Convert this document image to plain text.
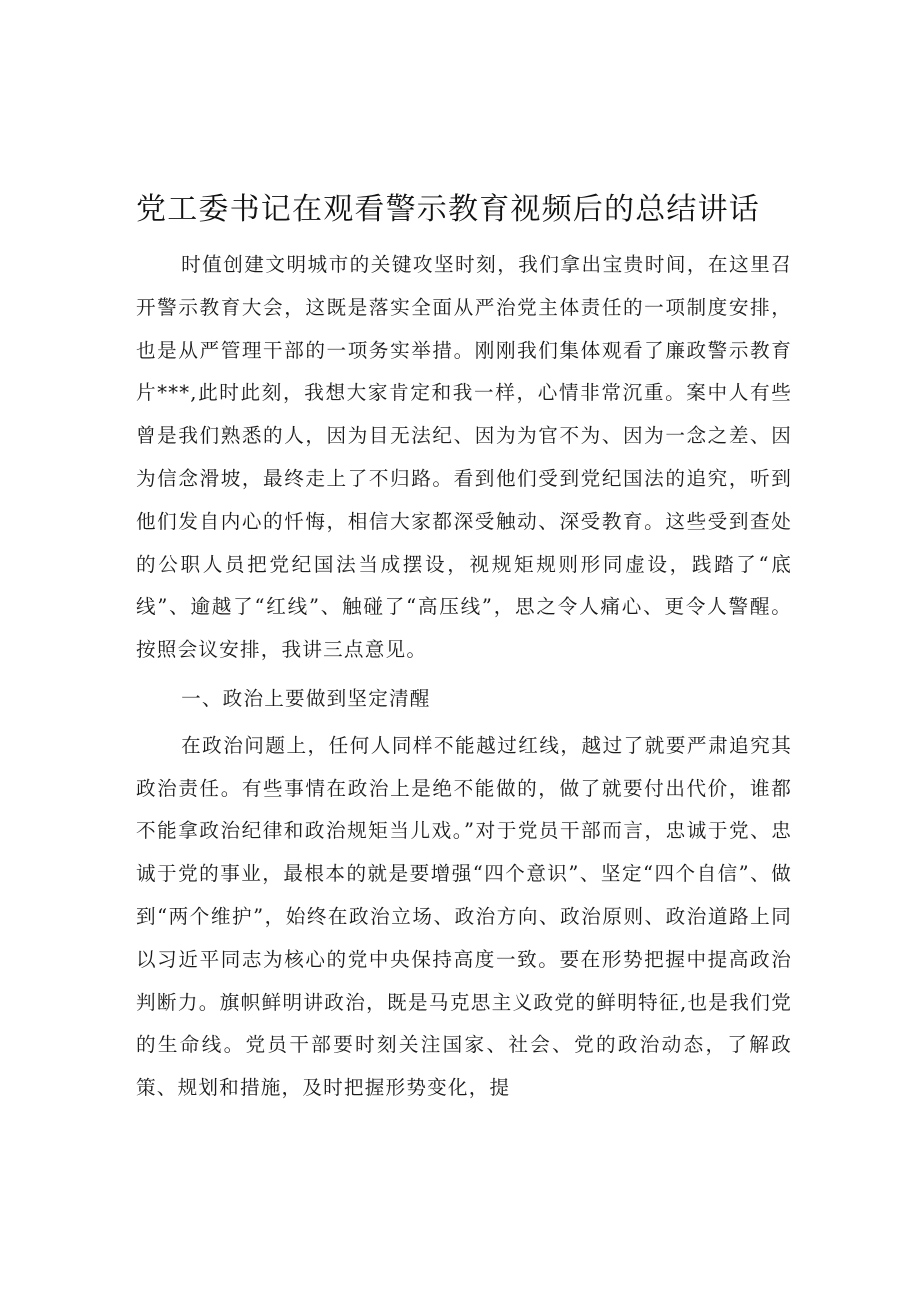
党工委书记在观看警示教育视频后的总结讲话

时值创建文明城市的关键攻坚时刻，我们拿出宝贵时间，在这里召开警示教育大会，这既是落实全面从严治党主体责任的一项制度安排，也是从严管理干部的一项务实举措。刚刚我们集体观看了廉政警示教育片***,此时此刻，我想大家肯定和我一样，心情非常沉重。案中人有些曾是我们熟悉的人，因为目无法纪、因为为官不为、因为一念之差、因为信念滑坡，最终走上了不归路。看到他们受到党纪国法的追究，听到他们发自内心的忏悔，相信大家都深受触动、深受教育。这些受到查处的公职人员把党纪国法当成摆设，视规矩规则形同虚设，践踏了“底线”、逾越了“红线”、触碰了“高压线”，思之令人痛心、更令人警醒。按照会议安排，我讲三点意见。

一、政治上要做到坚定清醒

在政治问题上，任何人同样不能越过红线，越过了就要严肃追究其政治责任。有些事情在政治上是绝不能做的，做了就要付出代价，谁都不能拿政治纪律和政治规矩当儿戏。”对于党员干部而言，忠诚于党、忠诚于党的事业，最根本的就是要增强“四个意识”、坚定“四个自信”、做到“两个维护”，始终在政治立场、政治方向、政治原则、政治道路上同以习近平同志为核心的党中央保持高度一致。要在形势把握中提高政治判断力。旗帜鲜明讲政治，既是马克思主义政党的鲜明特征,也是我们党的生命线。党员干部要时刻关注国家、社会、党的政治动态，了解政策、规划和措施，及时把握形势变化，提
